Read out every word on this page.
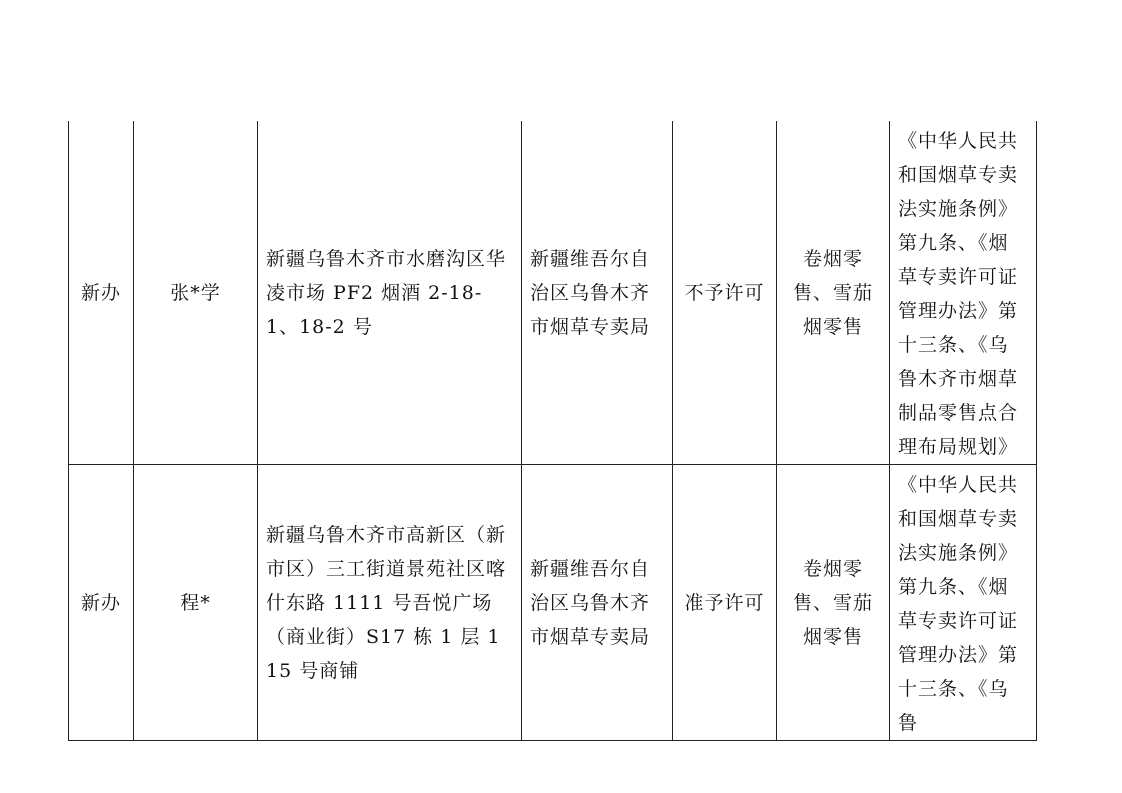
新办	张*学	新疆乌鲁木齐市水磨沟区华凌市场 PF2 烟酒 2-18-1、18-2 号	新疆维吾尔自治区乌鲁木齐市烟草专卖局	不予许可	卷烟零售、雪茄烟零售	《中华人民共和国烟草专卖法实施条例》第九条、《烟草专卖许可证管理办法》第十三条、《乌鲁木齐市烟草制品零售点合理布局规划》

新办	程*	新疆乌鲁木齐市高新区（新市区）三工街道景苑社区喀什东路 1111 号吾悦广场（商业街）S17 栋 1 层 115 号商铺	新疆维吾尔自治区乌鲁木齐市烟草专卖局	准予许可	卷烟零售、雪茄烟零售	《中华人民共和国烟草专卖法实施条例》第九条、《烟草专卖许可证管理办法》第十三条、《乌鲁
